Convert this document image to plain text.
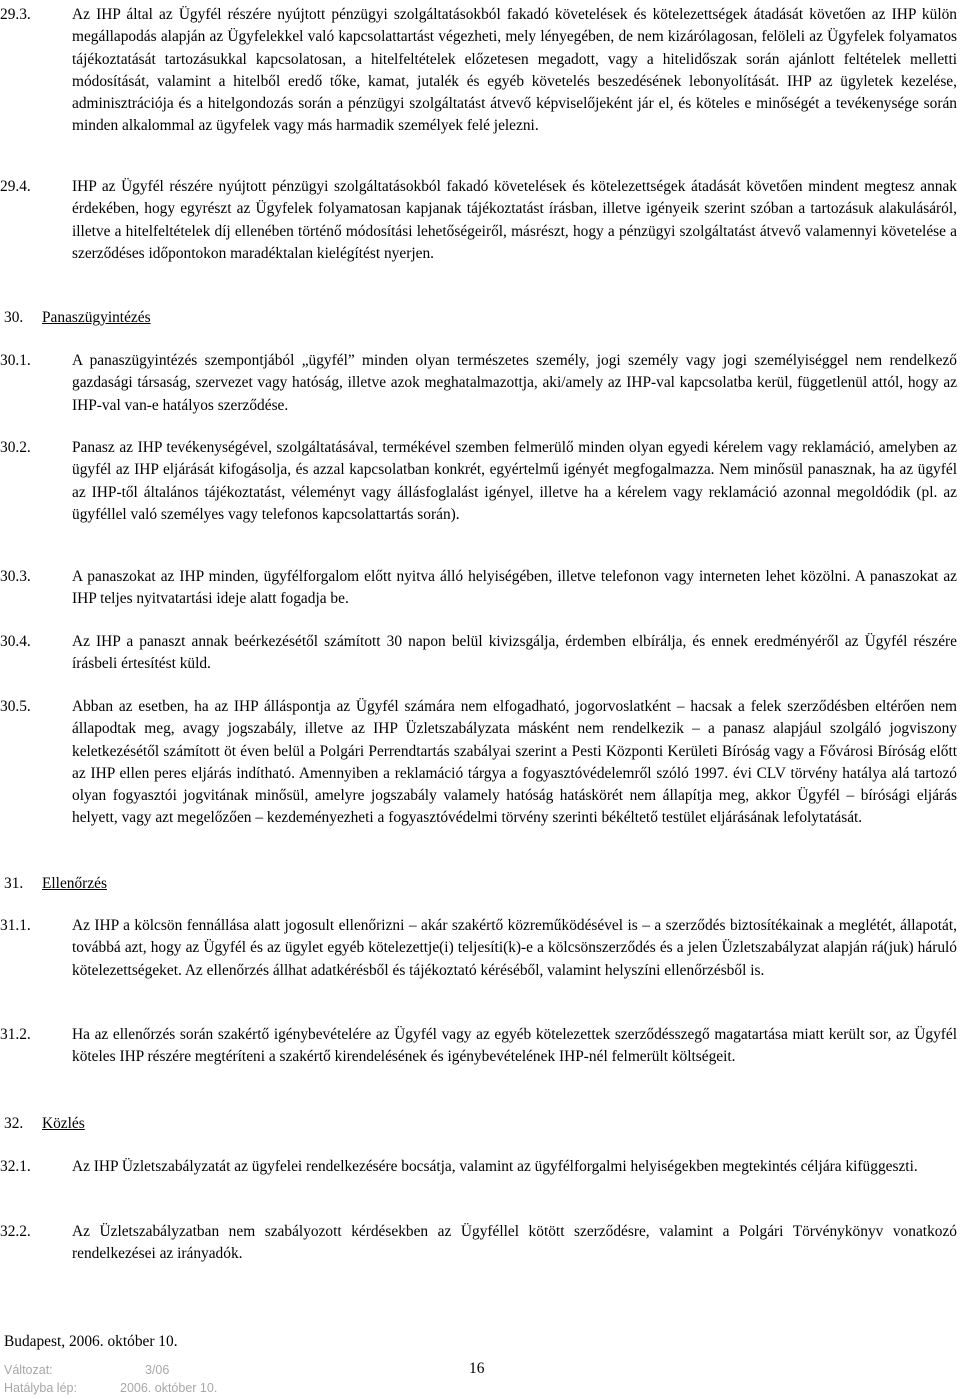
29.3.	Az IHP által az Ügyfél részére nyújtott pénzügyi szolgáltatásokból fakadó követelések és kötelezettségek átadását követően az IHP külön megállapodás alapján az Ügyfelekkel való kapcsolattartást végezheti, mely lényegében, de nem kizárólagosan, felöleli az Ügyfelek folyamatos tájékoztatását tartozásukkal kapcsolatosan, a hitelfeltételek előzetesen megadott, vagy a hitelidőszak során ajánlott feltételek melletti módosítását, valamint a hitelből eredő tőke, kamat, jutalék és egyéb követelés beszedésének lebonyolítását. IHP az ügyletek kezelése, adminisztrációja és a hitelgondozás során a pénzügyi szolgáltatást átvevő képviselőjeként jár el, és köteles e minőségét a tevékenysége során minden alkalommal az ügyfelek vagy más harmadik személyek felé jelezni.

29.4.	IHP az Ügyfél részére nyújtott pénzügyi szolgáltatásokból fakadó követelések és kötelezettségek átadását követően mindent megtesz annak érdekében, hogy egyrészt az Ügyfelek folyamatosan kapjanak tájékoztatást írásban, illetve igényeik szerint szóban a tartozásuk alakulásáról, illetve a hitelfeltételek díj ellenében történő módosítási lehetőségeiről, másrészt, hogy a pénzügyi szolgáltatást átvevő valamennyi követelése a szerződéses időpontokon maradéktalan kielégítést nyerjen.

30. Panaszügyintézés

30.1.	A panaszügyintézés szempontjából „ügyfél” minden olyan természetes személy, jogi személy vagy jogi személyiséggel nem rendelkező gazdasági társaság, szervezet vagy hatóság, illetve azok meghatalmazottja, aki/amely az IHP-val kapcsolatba kerül, függetlenül attól, hogy az IHP-val van-e hatályos szerződése.

30.2.	Panasz az IHP tevékenységével, szolgáltatásával, termékével szemben felmerülő minden olyan egyedi kérelem vagy reklamáció, amelyben az ügyfél az IHP eljárását kifogásolja, és azzal kapcsolatban konkrét, egyértelmű igényét megfogalmazza. Nem minősül panasznak, ha az ügyfél az IHP-től általános tájékoztatást, véleményt vagy állásfoglalást igényel, illetve ha a kérelem vagy reklamáció azonnal megoldódik (pl. az ügyféllel való személyes vagy telefonos kapcsolattartás során).

30.3.	A panaszokat az IHP minden, ügyfélforgalom előtt nyitva álló helyiségében, illetve telefonon vagy interneten lehet közölni. A panaszokat az IHP teljes nyitvatartási ideje alatt fogadja be.

30.4.	Az IHP a panaszt annak beérkezésétől számított 30 napon belül kivizsgálja, érdemben elbírálja, és ennek eredményéről az Ügyfél részére írásbeli értesítést küld.

30.5.	Abban az esetben, ha az IHP álláspontja az Ügyfél számára nem elfogadható, jogorvoslatként – hacsak a felek szerződésben eltérően nem állapodtak meg, avagy jogszabály, illetve az IHP Üzletszabályzata másként nem rendelkezik – a panasz alapjául szolgáló jogviszony keletkezésétől számított öt éven belül a Polgári Perrendtartás szabályai szerint a Pesti Központi Kerületi Bíróság vagy a Fővárosi Bíróság előtt az IHP ellen peres eljárás indítható. Amennyiben a reklamáció tárgya a fogyasztóvédelemről szóló 1997. évi CLV törvény hatálya alá tartozó olyan fogyasztói jogvitának minősül, amelyre jogszabály valamely hatóság hatáskörét nem állapítja meg, akkor Ügyfél – bírósági eljárás helyett, vagy azt megelőzően – kezdeményezheti a fogyasztóvédelmi törvény szerinti békéltető testület eljárásának lefolytatását.

31. Ellenőrzés

31.1.	Az IHP a kölcsön fennállása alatt jogosult ellenőrizni – akár szakértő közreműködésével is – a szerződés biztosítékainak a meglétét, állapotát, továbbá azt, hogy az Ügyfél és az ügylet egyéb kötelezettje(i) teljesíti(k)-e a kölcsönszerződés és a jelen Üzletszabályzat alapján rá(juk) háruló kötelezettségeket. Az ellenőrzés állhat adatkérésből és tájékoztató kéréséből, valamint helyszíni ellenőrzésből is.

31.2.	Ha az ellenőrzés során szakértő igénybevételére az Ügyfél vagy az egyéb kötelezettek szerződésszegő magatartása miatt került sor, az Ügyfél köteles IHP részére megtéríteni a szakértő kirendelésének és igénybevételének IHP-nél felmerült költségeit.

32. Közlés

32.1.	Az IHP Üzletszabályzatát az ügyfelei rendelkezésére bocsátja, valamint az ügyfélforgalmi helyiségekben megtekintés céljára kifüggeszti.

32.2.	Az Üzletszabályzatban nem szabályozott kérdésekben az Ügyféllel kötött szerződésre, valamint a Polgári Törvénykönyv vonatkozó rendelkezései az irányadók.

Budapest, 2006. október 10.
Változat:	3/06
Hatályba lép:	2006. október 10.
16
